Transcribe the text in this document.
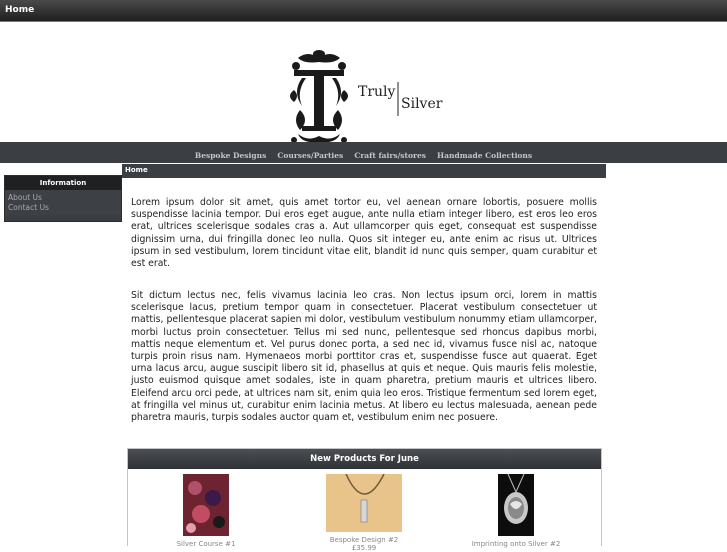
Home
Truly
Silver
Bespoke Designs Courses/Parties Craft fairs/stores Handmade Collections
Information
About Us
Contact Us
Home
Lorem ipsum dolor sit amet, quis amet tortor eu, vel aenean ornare lobortis, posuere mollis suspendisse lacinia tempor. Dui eros eget augue, ante nulla etiam integer libero, est eros leo eros erat, ultrices scelerisque sodales cras a. Aut ullamcorper quis eget, consequat est suspendisse dignissim urna, dui fringilla donec leo nulla. Quos sit integer eu, ante enim ac risus ut. Ultrices ipsum in sed vestibulum, lorem tincidunt vitae elit, blandit id nunc quis semper, quam curabitur et est erat.
Sit dictum lectus nec, felis vivamus lacinia leo cras. Non lectus ipsum orci, lorem in mattis scelerisque lacus, pretium tempor quam in consectetuer. Placerat vestibulum consectetuer ut mattis, pellentesque placerat sapien mi dolor, vestibulum vestibulum nonummy etiam ullamcorper, morbi luctus proin consectetuer. Tellus mi sed nunc, pellentesque sed rhoncus dapibus morbi, mattis neque elementum et. Vel purus donec porta, a sed nec id, vivamus fusce nisl ac, natoque turpis proin risus nam. Hymenaeos morbi porttitor cras et, suspendisse fusce aut quaerat. Eget urna lacus arcu, augue suscipit libero sit id, phasellus at quis et neque. Quis mauris felis molestie, justo euismod quisque amet sodales, iste in quam pharetra, pretium mauris et ultrices libero. Eleifend arcu orci pede, at ultrices nam sit, enim quia leo eros. Tristique fermentum sed lorem eget, at fringilla vel minus ut, curabitur enim lacinia metus. At libero eu lectus malesuada, aenean pede pharetra mauris, turpis sodales auctor quam et, vestibulum enim nec posuere.
New Products For June
Silver Course #1	Bespoke Design #2
£35.99	Imprinting onto Silver #2
